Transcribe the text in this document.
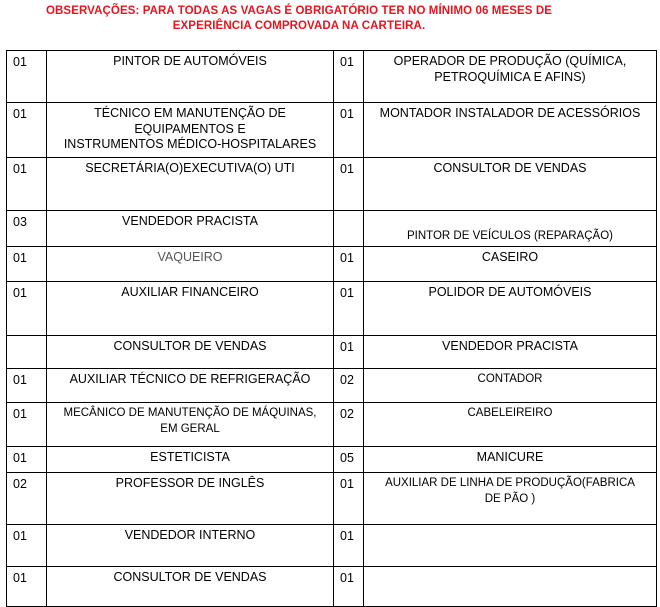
OBSERVAÇÕES: PARA TODAS AS VAGAS É OBRIGATÓRIO TER NO MÍNIMO 06 MESES DE
EXPERIÊNCIA COMPROVADA NA CARTEIRA.
01	PINTOR DE AUTOMÓVEIS	01	OPERADOR DE PRODUÇÃO (QUÍMICA,
PETROQUÍMICA E AFINS)

01	TÉCNICO EM MANUTENÇÃO DE
EQUIPAMENTOS E
INSTRUMENTOS MÉDICO-HOSPITALARES	01	MONTADOR INSTALADOR DE ACESSÓRIOS

01	SECRETÁRIA(O)EXECUTIVA(O) UTI	01	CONSULTOR DE VENDAS

03	VENDEDOR PRACISTA		PINTOR DE VEÍCULOS (REPARAÇÃO)

01	VAQUEIRO	01	CASEIRO

01	AUXILIAR FINANCEIRO	01	POLIDOR DE AUTOMÓVEIS

	CONSULTOR DE VENDAS	01	VENDEDOR PRACISTA

01	AUXILIAR TÉCNICO DE REFRIGERAÇÃO	02	CONTADOR

01	MECÂNICO DE MANUTENÇÃO DE MÁQUINAS,
EM GERAL	02	CABELEIREIRO

01	ESTETICISTA	05	MANICURE

02	PROFESSOR DE INGLÊS	01	AUXILIAR DE LINHA DE PRODUÇÃO(FABRICA
DE PÃO )

01	VENDEDOR INTERNO	01	
01	CONSULTOR DE VENDAS	01	
